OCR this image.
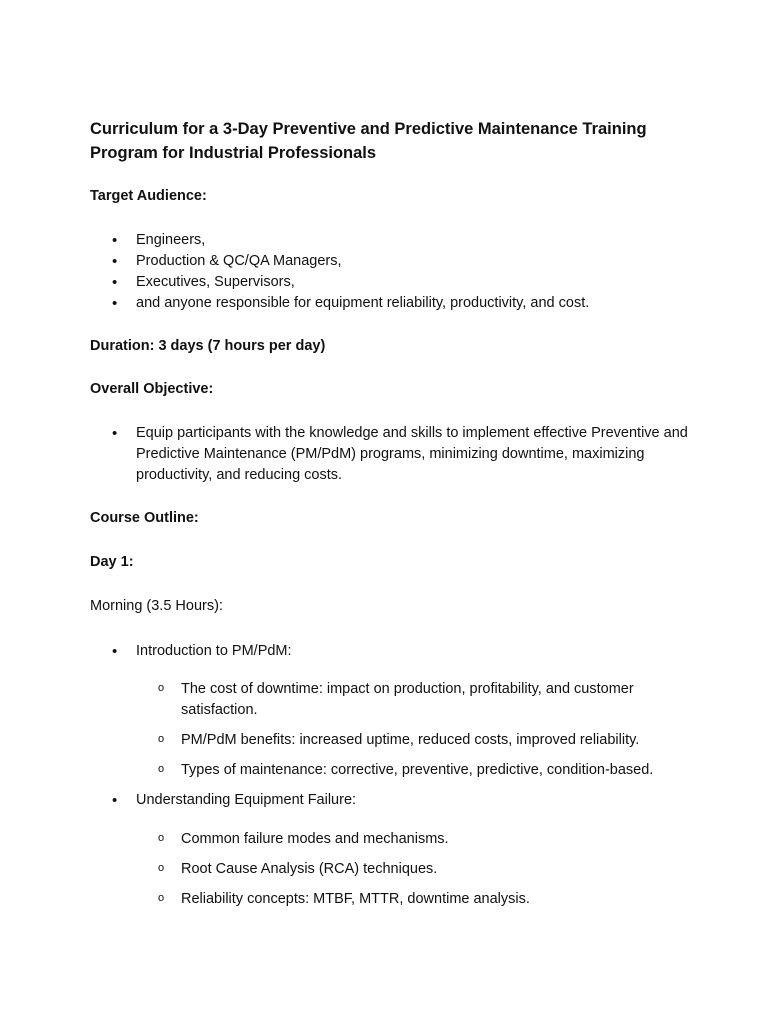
Curriculum for a 3-Day Preventive and Predictive Maintenance Training Program for Industrial Professionals

Target Audience:

• Engineers,
• Production & QC/QA Managers,
• Executives, Supervisors,
• and anyone responsible for equipment reliability, productivity, and cost.

Duration: 3 days (7 hours per day)

Overall Objective:

• Equip participants with the knowledge and skills to implement effective Preventive and Predictive Maintenance (PM/PdM) programs, minimizing downtime, maximizing productivity, and reducing costs.

Course Outline:

Day 1:

Morning (3.5 Hours):

• Introduction to PM/PdM:
o The cost of downtime: impact on production, profitability, and customer satisfaction.
o PM/PdM benefits: increased uptime, reduced costs, improved reliability.
o Types of maintenance: corrective, preventive, predictive, condition-based.
• Understanding Equipment Failure:
o Common failure modes and mechanisms.
o Root Cause Analysis (RCA) techniques.
o Reliability concepts: MTBF, MTTR, downtime analysis.
